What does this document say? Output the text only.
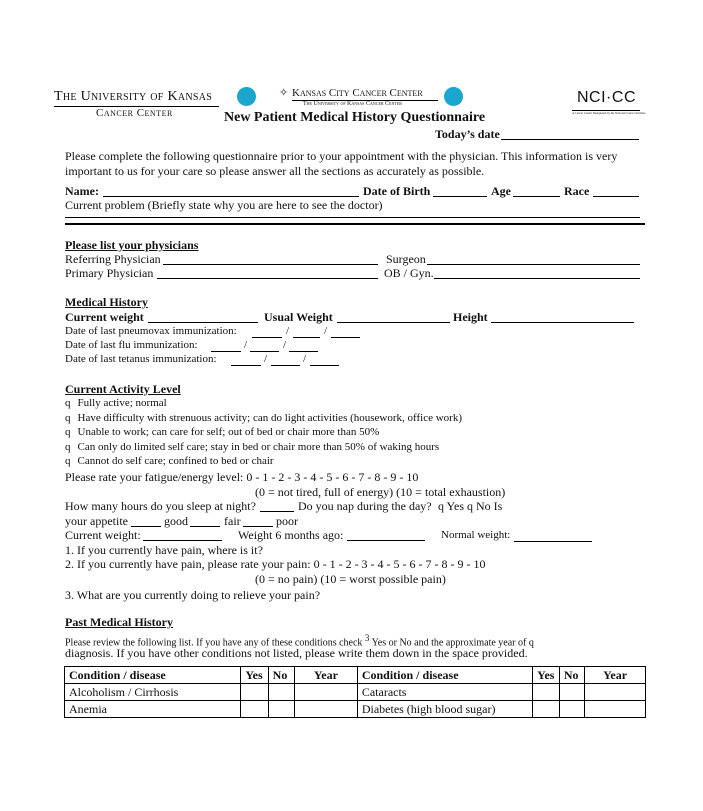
The University of Kansas
Cancer Center
✧ Kansas City Cancer Center
The University of Kansas Cancer Center	NCI·CC
A Cancer Center Designated by the National Cancer Institute
New Patient Medical History Questionnaire
Today’s date
Please complete the following questionnaire prior to your appointment with the physician. This information is very
important to us for your care so please answer all the sections as accurately as possible.
Name:	Date of Birth	Age	Race
Current problem (Briefly state why you are here to see the doctor)
Please list your physicians
Referring Physician	Surgeon
Primary Physician	OB / Gyn.
Medical History
Current weight	Usual Weight	Height
Date of last pneumovax immunization:	/	/
Date of last flu immunization:	/	/
Date of last tetanus immunization:	/	/
Current Activity Level
q Fully active; normal
q Have difficulty with strenuous activity; can do light activities (housework, office work)
q Unable to work; can care for self; out of bed or chair more than 50%
q Can only do limited self care; stay in bed or chair more than 50% of waking hours
q Cannot do self care; confined to bed or chair
Please rate your fatigue/energy level: 0 - 1 - 2 - 3 - 4 - 5 - 6 - 7 - 8 - 9 - 10
(0 = not tired, full of energy) (10 = total exhaustion)
How many hours do you sleep at night?	Do you nap during the day? q Yes q No Is
your appetite	good	fair	poor
Current weight:	Weight 6 months ago:	Normal weight:
1. If you currently have pain, where is it?
2. If you currently have pain, please rate your pain: 0 - 1 - 2 - 3 - 4 - 5 - 6 - 7 - 8 - 9 - 10
(0 = no pain) (10 = worst possible pain)
3. What are you currently doing to relieve your pain?
Past Medical History
Please review the following list. If you have any of these conditions check $^3$ Yes or No and the approximate year of q
diagnosis. If you have other conditions not listed, please write them down in the space provided.
Condition / disease	Yes	No	Year	Condition / disease	Yes	No	Year
Alcoholism / Cirrhosis				Cataracts			
Anemia				Diabetes (high blood sugar)			
